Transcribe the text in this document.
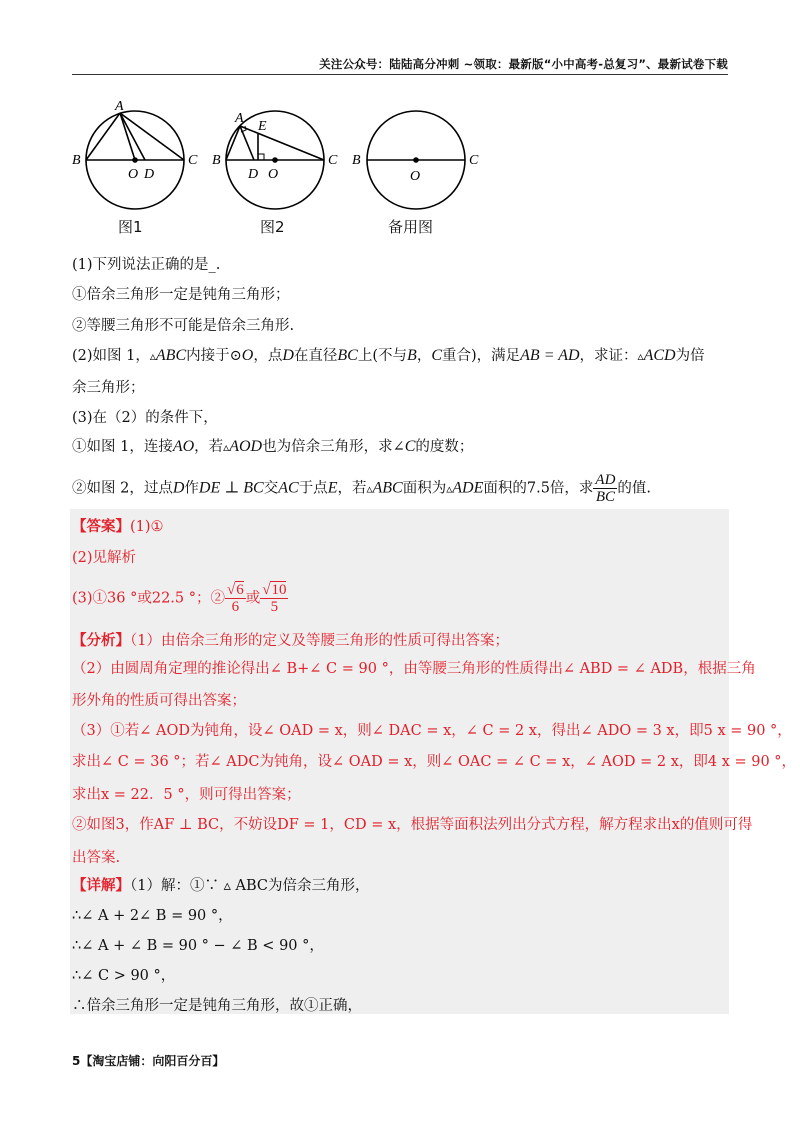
关注公众号：陆陆高分冲刺 ~领取：最新版“小中高考-总复习”、最新试卷下载
A
B	C
O D
A
E
B	C
D O
B	C
O
图1	图2	备用图
(1)下列说法正确的是_.
①倍余三角形一定是钝角三角形；
②等腰三角形不可能是倍余三角形.
(2)如图 1，▵ABC内接于⊙O，点D在直径BC上(不与B，C重合)，满足AB = AD，求证：▵ACD为倍
余三角形；
(3)在（2）的条件下，
①如图 1，连接AO，若▵AOD也为倍余三角形，求∠C的度数；
②如图 2，过点D作DE ⊥ BC交AC于点E，若▵ABC面积为▵ADE面积的7.5倍，求 $\frac{AD}{BC}$ 的值.
【答案】(1)①
(2)见解析
(3)①36 °或22.5 °；② $\frac{√6}{6}$ 或 $\frac{√10}{5}$
【分析】（1）由倍余三角形的定义及等腰三角形的性质可得出答案；
（2）由圆周角定理的推论得出∠ B+∠ C = 90 °，由等腰三角形的性质得出∠ ABD = ∠ ADB，根据三角
形外角的性质可得出答案；
（3）①若∠ AOD为钝角，设∠ OAD = x，则∠ DAC = x，∠ C = 2 x，得出∠ ADO = 3 x，即5 x = 90 °，
求出∠ C = 36 °；若∠ ADC为钝角，设∠ OAD = x，则∠ OAC = ∠ C = x，∠ AOD = 2 x，即4 x = 90 °，
求出x = 22．5 °，则可得出答案；
②如图3，作AF ⊥ BC，不妨设DF = 1，CD = x，根据等面积法列出分式方程，解方程求出x的值则可得
出答案.
【详解】（1）解：①∵ ▵ ABC为倍余三角形，
∴∠ A + 2∠ B = 90 °，
∴∠ A + ∠ B = 90 ° − ∠ B < 90 °，
∴∠ C > 90 °，
∴倍余三角形一定是钝角三角形，故①正确，
5【淘宝店铺：向阳百分百】
